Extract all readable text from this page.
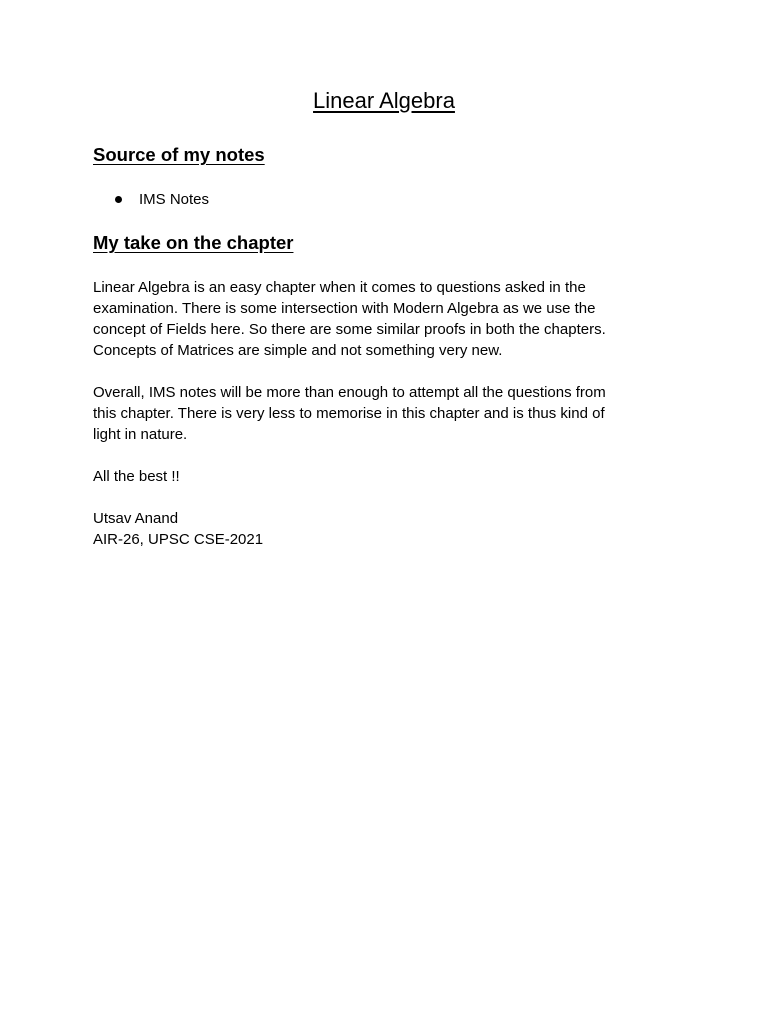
Linear Algebra
Source of my notes
IMS Notes
My take on the chapter

Linear Algebra is an easy chapter when it comes to questions asked in the
examination. There is some intersection with Modern Algebra as we use the
concept of Fields here. So there are some similar proofs in both the chapters.
Concepts of Matrices are simple and not something very new.

Overall, IMS notes will be more than enough to attempt all the questions from
this chapter. There is very less to memorise in this chapter and is thus kind of
light in nature.

All the best !!

Utsav Anand
AIR-26, UPSC CSE-2021
